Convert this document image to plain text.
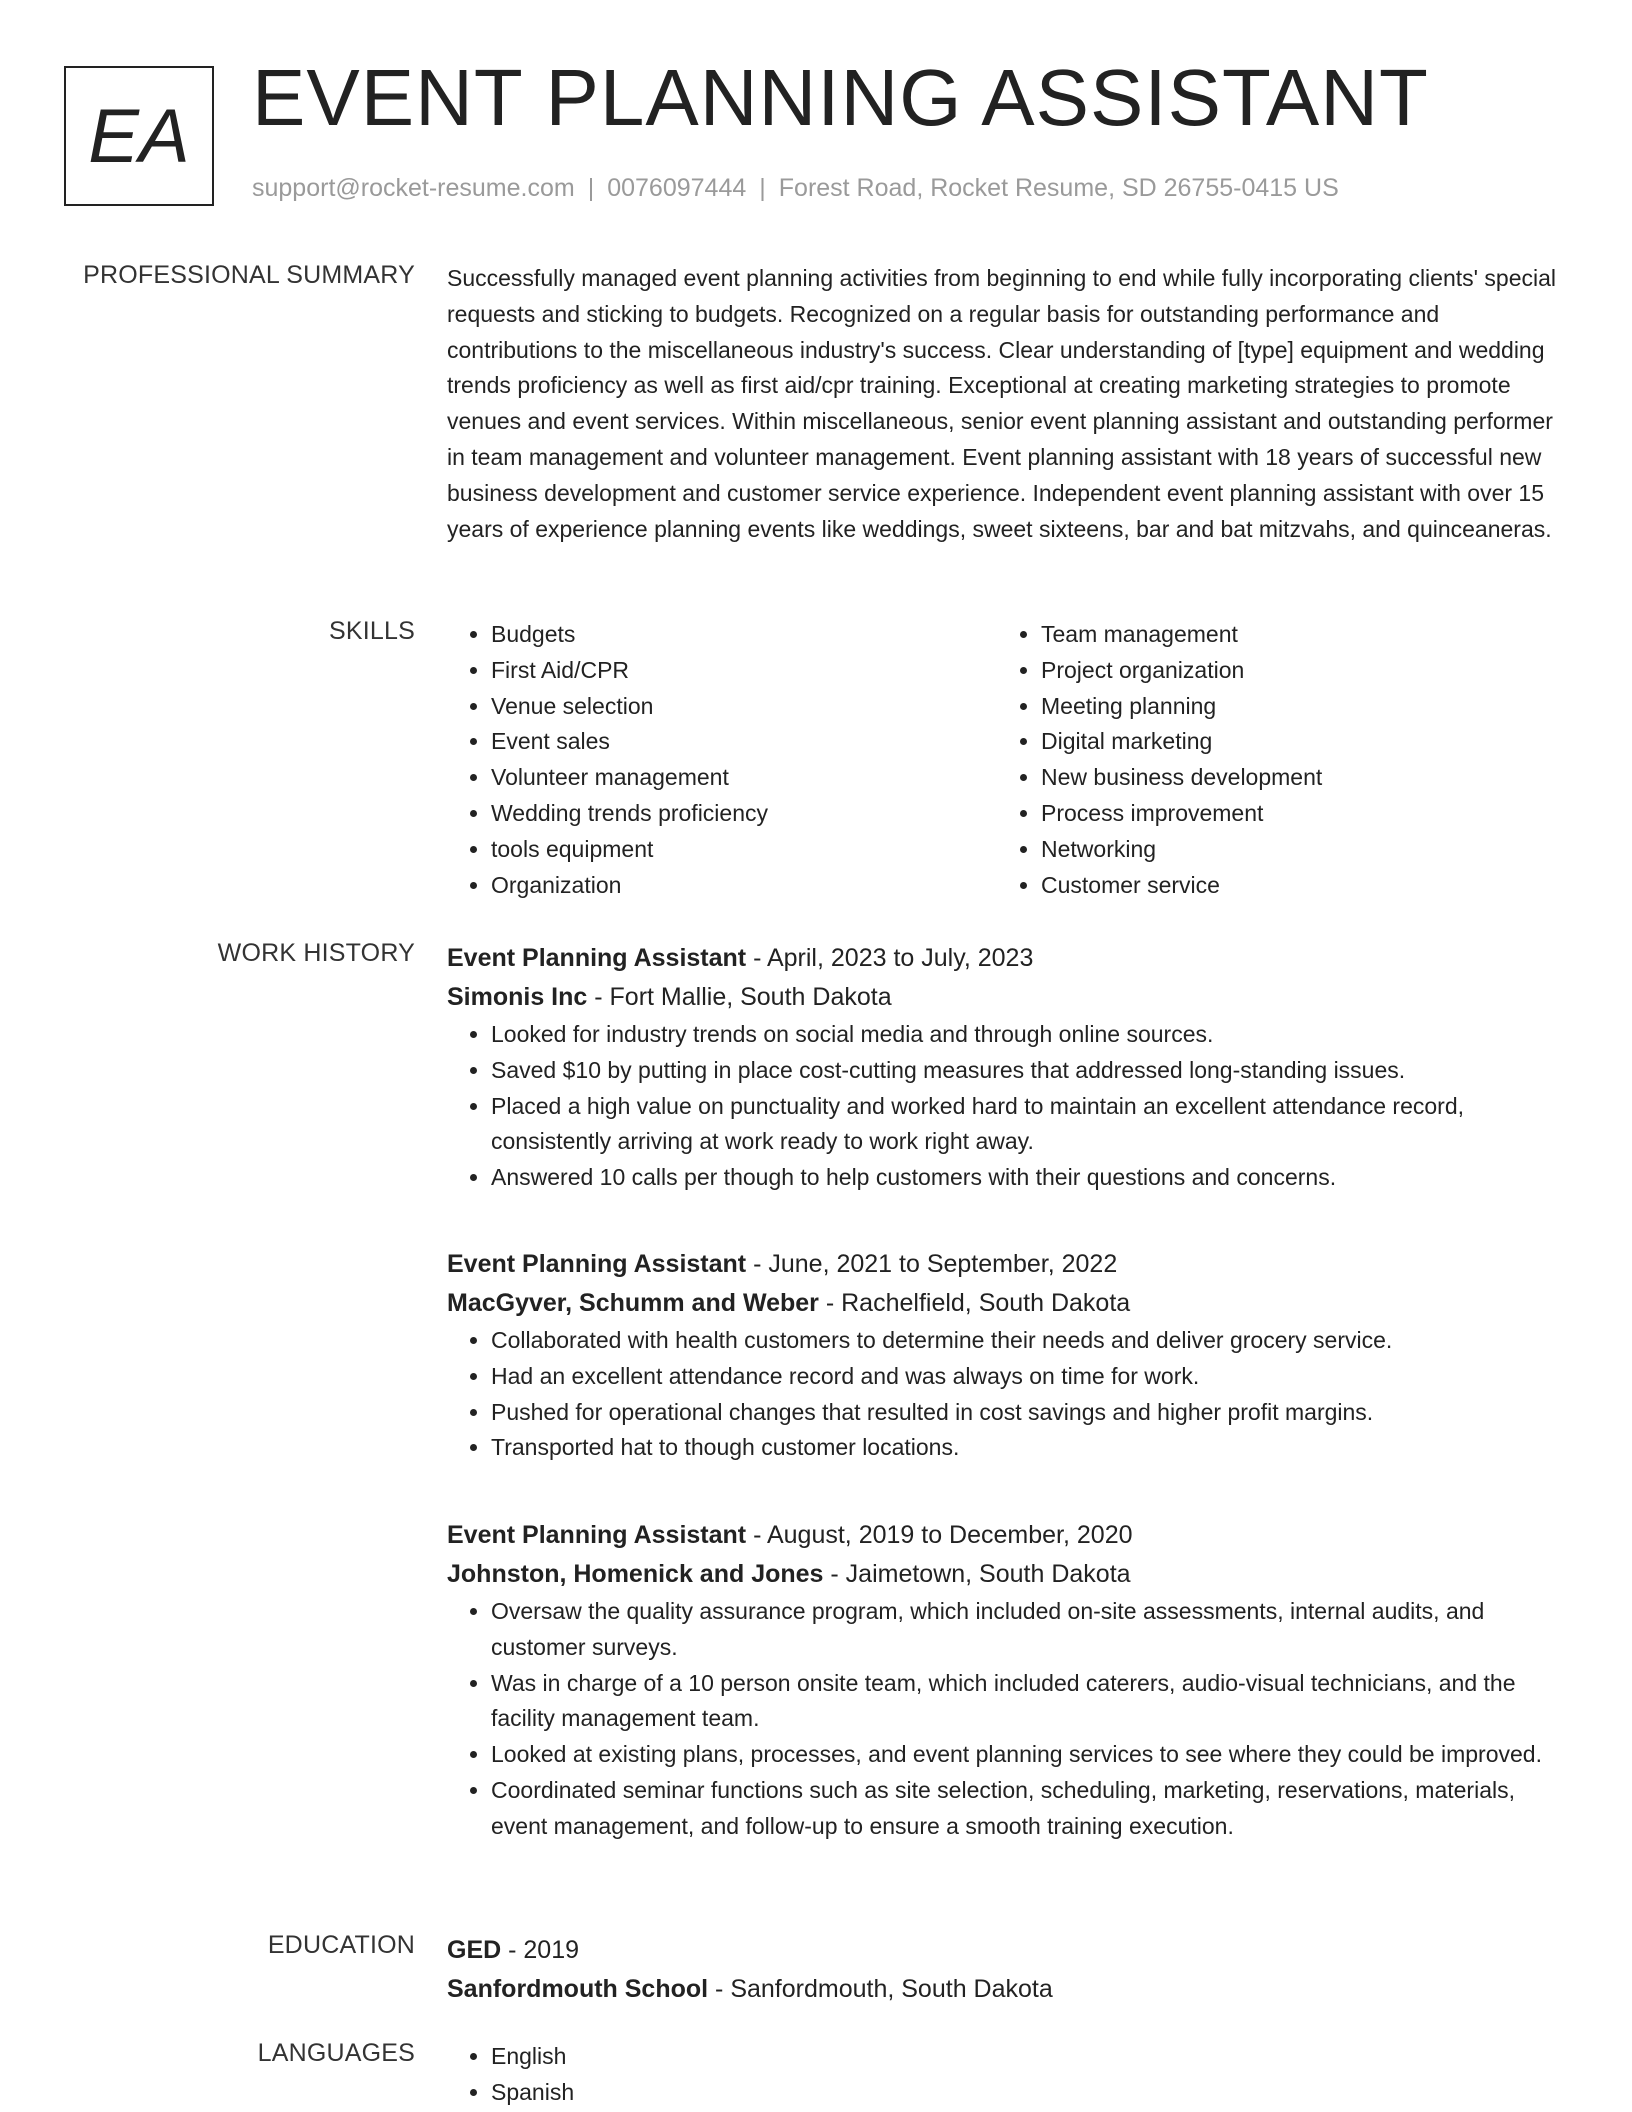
EA EVENT PLANNING ASSISTANT
support@rocket-resume.com | 0076097444 | Forest Road, Rocket Resume, SD 26755-0415 US
PROFESSIONAL SUMMARY Successfully managed event planning activities from beginning to end while fully incorporating clients' special requests and sticking to budgets. Recognized on a regular basis for outstanding performance and contributions to the miscellaneous industry's success. Clear understanding of [type] equipment and wedding trends proficiency as well as first aid/cpr training. Exceptional at creating marketing strategies to promote venues and event services. Within miscellaneous, senior event planning assistant and outstanding performer in team management and volunteer management. Event planning assistant with 18 years of successful new business development and customer service experience. Independent event planning assistant with over 15 years of experience planning events like weddings, sweet sixteens, bar and bat mitzvahs, and quinceaneras.

SKILLS	• Budgets
• First Aid/CPR
• Venue selection
• Event sales
• Volunteer management
• Wedding trends proficiency
• tools equipment
• Organization
• Team management
• Project organization
• Meeting planning
• Digital marketing
• New business development
• Process improvement
• Networking
• Customer service
WORK HISTORY Event Planning Assistant - April, 2023 to July, 2023
Simonis Inc - Fort Mallie, South Dakota
• Looked for industry trends on social media and through online sources.
• Saved $10 by putting in place cost-cutting measures that addressed long-standing issues.
• Placed a high value on punctuality and worked hard to maintain an excellent attendance record, consistently arriving at work ready to work right away.
• Answered 10 calls per though to help customers with their questions and concerns.
Event Planning Assistant - June, 2021 to September, 2022
MacGyver, Schumm and Weber - Rachelfield, South Dakota
• Collaborated with health customers to determine their needs and deliver grocery service.
• Had an excellent attendance record and was always on time for work.
• Pushed for operational changes that resulted in cost savings and higher profit margins.
• Transported hat to though customer locations.
Event Planning Assistant - August, 2019 to December, 2020
Johnston, Homenick and Jones - Jaimetown, South Dakota
• Oversaw the quality assurance program, which included on-site assessments, internal audits, and customer surveys.
• Was in charge of a 10 person onsite team, which included caterers, audio-visual technicians, and the facility management team.
• Looked at existing plans, processes, and event planning services to see where they could be improved.
• Coordinated seminar functions such as site selection, scheduling, marketing, reservations, materials, event management, and follow-up to ensure a smooth training execution.
EDUCATION GED - 2019
Sanfordmouth School - Sanfordmouth, South Dakota
LANGUAGES	• English
• Spanish
